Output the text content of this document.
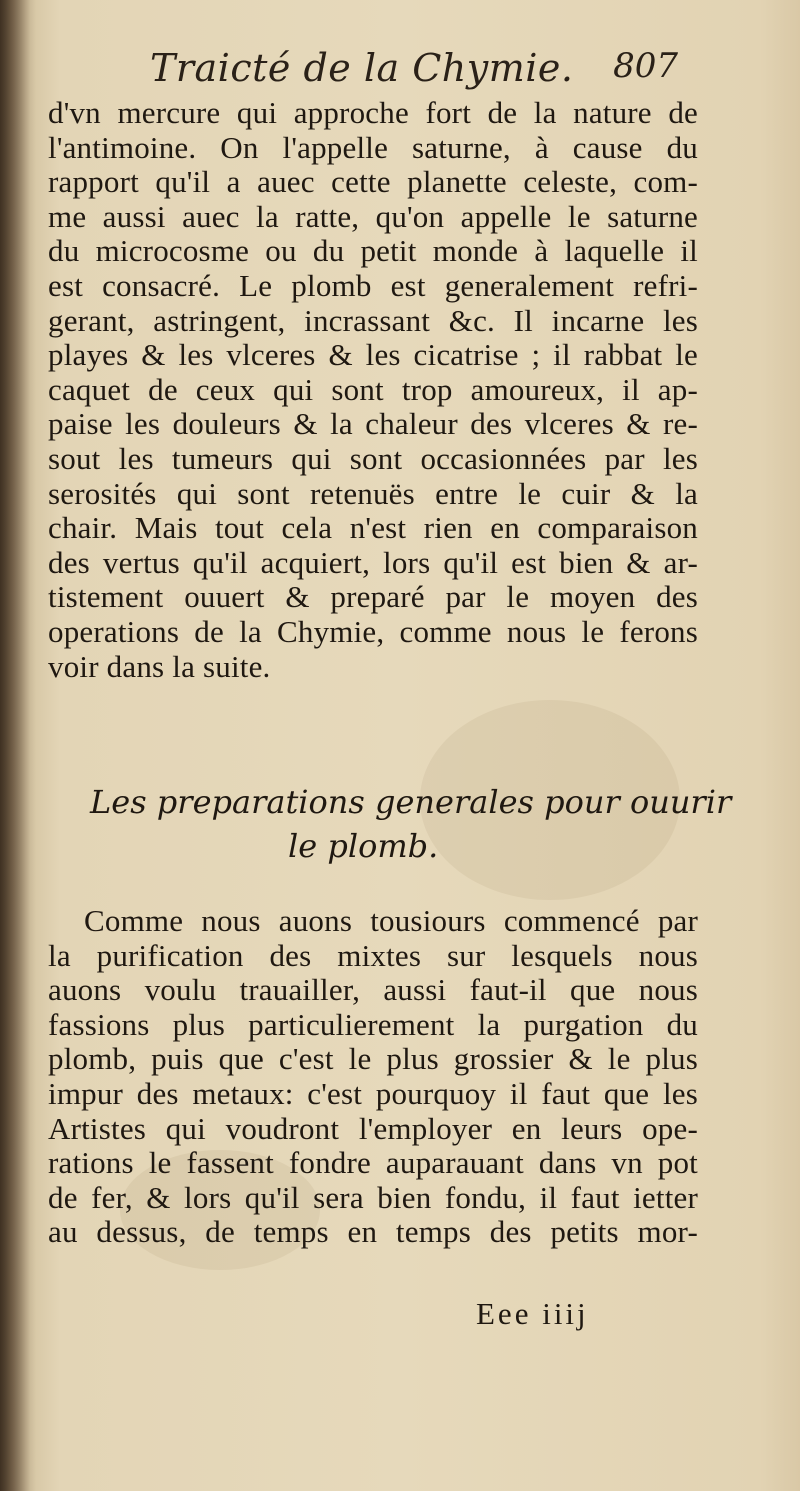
Traicté de la Chymie. 807
d'vn mercure qui approche fort de la nature de
l'antimoine. On l'appelle saturne, à cause du
rapport qu'il a auec cette planette celeste, com-
me aussi auec la ratte, qu'on appelle le saturne
du microcosme ou du petit monde à laquelle il
est consacré. Le plomb est generalement refri-
gerant, astringent, incrassant &c. Il incarne les
playes & les vlceres & les cicatrise ; il rabbat le
caquet de ceux qui sont trop amoureux, il ap-
paise les douleurs & la chaleur des vlceres & re-
sout les tumeurs qui sont occasionnées par les
serosités qui sont retenuës entre le cuir & la
chair. Mais tout cela n'est rien en comparaison
des vertus qu'il acquiert, lors qu'il est bien & ar-
tistement ouuert & preparé par le moyen des
operations de la Chymie, comme nous le ferons
voir dans la suite.
Les preparations generales pour ouurir
le plomb.
Comme nous auons tousiours commencé par
la purification des mixtes sur lesquels nous
auons voulu trauailler, aussi faut-il que nous
fassions plus particulierement la purgation du
plomb, puis que c'est le plus grossier & le plus
impur des metaux: c'est pourquoy il faut que les
Artistes qui voudront l'employer en leurs ope-
rations le fassent fondre auparauant dans vn pot
de fer, & lors qu'il sera bien fondu, il faut ietter
au dessus, de temps en temps des petits mor-
Eee iiij
